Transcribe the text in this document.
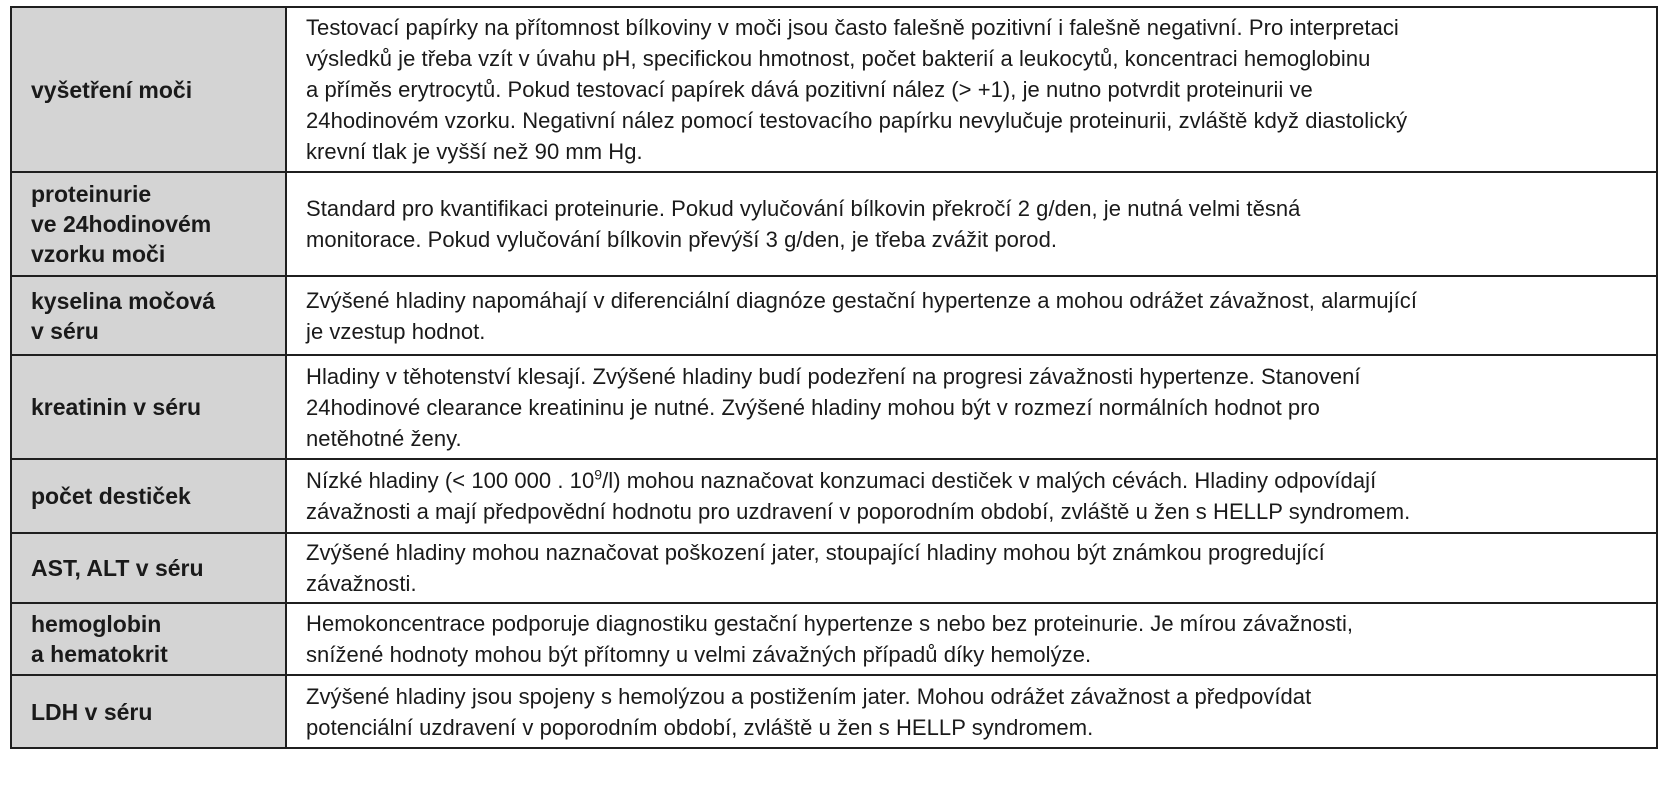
vyšetření moči	Testovací papírky na přítomnost bílkoviny v moči jsou často falešně pozitivní i falešně negativní. Pro interpretaci
výsledků je třeba vzít v úvahu pH, specifickou hmotnost, počet bakterií a leukocytů, koncentraci hemoglobinu
a příměs erytrocytů. Pokud testovací papírek dává pozitivní nález (> +1), je nutno potvrdit proteinurii ve
24hodinovém vzorku. Negativní nález pomocí testovacího papírku nevylučuje proteinurii, zvláště když diastolický
krevní tlak je vyšší než 90 mm Hg.

proteinurie
ve 24hodinovém
vzorku moči	Standard pro kvantifikaci proteinurie. Pokud vylučování bílkovin překročí 2 g/den, je nutná velmi těsná
monitorace. Pokud vylučování bílkovin převýší 3 g/den, je třeba zvážit porod.

kyselina močová
v séru	Zvýšené hladiny napomáhají v diferenciální diagnóze gestační hypertenze a mohou odrážet závažnost, alarmující
je vzestup hodnot.

kreatinin v séru	Hladiny v těhotenství klesají. Zvýšené hladiny budí podezření na progresi závažnosti hypertenze. Stanovení
24hodinové clearance kreatininu je nutné. Zvýšené hladiny mohou být v rozmezí normálních hodnot pro
netěhotné ženy.

počet destiček	Nízké hladiny (< 100 000 . $10^9/l$) mohou naznačovat konzumaci destiček v malých cévách. Hladiny odpovídají
závažnosti a mají předpovědní hodnotu pro uzdravení v poporodním období, zvláště u žen s HELLP syndromem.

AST, ALT v séru	Zvýšené hladiny mohou naznačovat poškození jater, stoupající hladiny mohou být známkou progredující
závažnosti.

hemoglobin
a hematokrit	Hemokoncentrace podporuje diagnostiku gestační hypertenze s nebo bez proteinurie. Je mírou závažnosti,
snížené hodnoty mohou být přítomny u velmi závažných případů díky hemolýze.

LDH v séru	Zvýšené hladiny jsou spojeny s hemolýzou a postižením jater. Mohou odrážet závažnost a předpovídat
potenciální uzdravení v poporodním období, zvláště u žen s HELLP syndromem.
